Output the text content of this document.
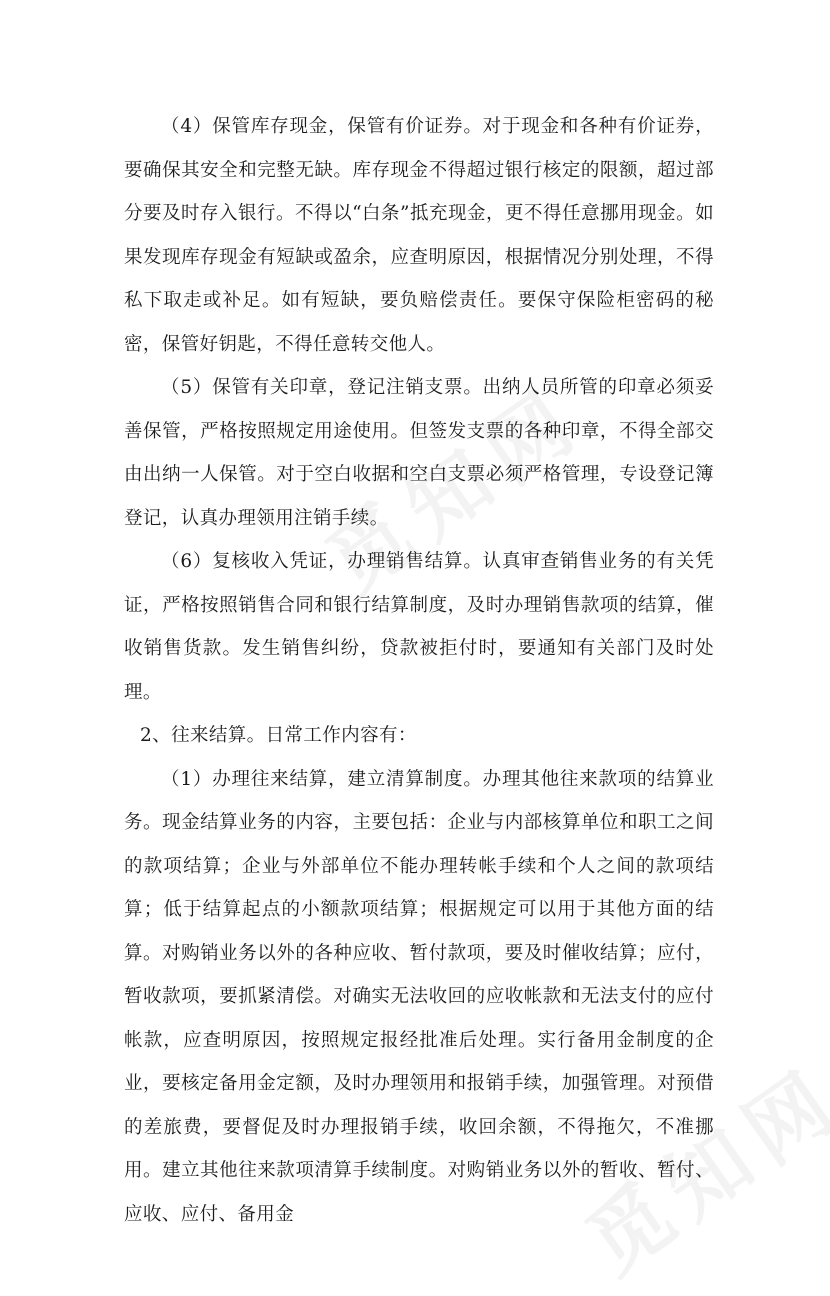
（4）保管库存现金，保管有价证券。对于现金和各种有价证券，要确保其安全和完整无缺。库存现金不得超过银行核定的限额，超过部分要及时存入银行。不得以“白条”抵充现金，更不得任意挪用现金。如果发现库存现金有短缺或盈余，应查明原因，根据情况分别处理，不得私下取走或补足。如有短缺，要负赔偿责任。要保守保险柜密码的秘密，保管好钥匙，不得任意转交他人。

（5）保管有关印章，登记注销支票。出纳人员所管的印章必须妥善保管，严格按照规定用途使用。但签发支票的各种印章，不得全部交由出纳一人保管。对于空白收据和空白支票必须严格管理，专设登记簿登记，认真办理领用注销手续。

（6）复核收入凭证，办理销售结算。认真审查销售业务的有关凭证，严格按照销售合同和银行结算制度，及时办理销售款项的结算，催收销售货款。发生销售纠纷，贷款被拒付时，要通知有关部门及时处理。

2、往来结算。日常工作内容有：

（1）办理往来结算，建立清算制度。办理其他往来款项的结算业务。现金结算业务的内容，主要包括：企业与内部核算单位和职工之间的款项结算；企业与外部单位不能办理转帐手续和个人之间的款项结算；低于结算起点的小额款项结算；根据规定可以用于其他方面的结算。对购销业务以外的各种应收、暂付款项，要及时催收结算；应付，暂收款项，要抓紧清偿。对确实无法收回的应收帐款和无法支付的应付帐款，应查明原因，按照规定报经批准后处理。实行备用金制度的企业，要核定备用金定额，及时办理领用和报销手续，加强管理。对预借的差旅费，要督促及时办理报销手续，收回余额，不得拖欠，不准挪用。建立其他往来款项清算手续制度。对购销业务以外的暂收、暂付、应收、应付、备用金
